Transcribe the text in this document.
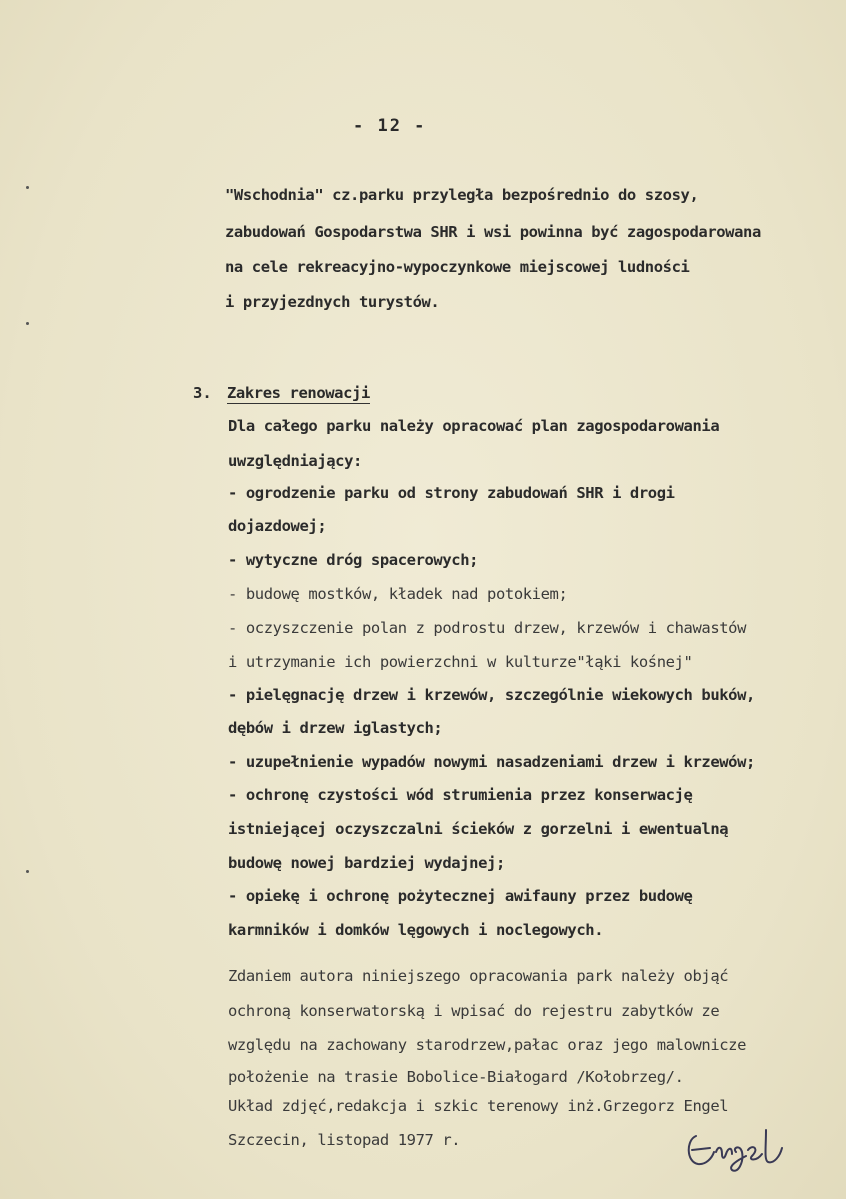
- 12 -
"Wschodnia" cz.parku przyległa bezpośrednio do szosy,
zabudowań Gospodarstwa SHR i wsi powinna być zagospodarowana
na cele rekreacyjno-wypoczynkowe miejscowej ludności
i przyjezdnych turystów.
3. Zakres renowacji
Dla całego parku należy opracować plan zagospodarowania
uwzględniający:
- ogrodzenie parku od strony zabudowań SHR i drogi
dojazdowej;
- wytyczne dróg spacerowych;
- budowę mostków, kładek nad potokiem;
- oczyszczenie polan z podrostu drzew, krzewów i chawastów
i utrzymanie ich powierzchni w kulturze"łąki kośnej"
- pielęgnację drzew i krzewów, szczególnie wiekowych buków,
dębów i drzew iglastych;
- uzupełnienie wypadów nowymi nasadzeniami drzew i krzewów;
- ochronę czystości wód strumienia przez konserwację
istniejącej oczyszczalni ścieków z gorzelni i ewentualną
budowę nowej bardziej wydajnej;
- opiekę i ochronę pożytecznej awifauny przez budowę
karmników i domków lęgowych i noclegowych.
Zdaniem autora niniejszego opracowania park należy objąć
ochroną konserwatorską i wpisać do rejestru zabytków ze
względu na zachowany starodrzew,pałac oraz jego malownicze
położenie na trasie Bobolice-Białogard /Kołobrzeg/.
Układ zdjęć,redakcja i szkic terenowy inż.Grzegorz Engel
Szczecin, listopad 1977 r.
